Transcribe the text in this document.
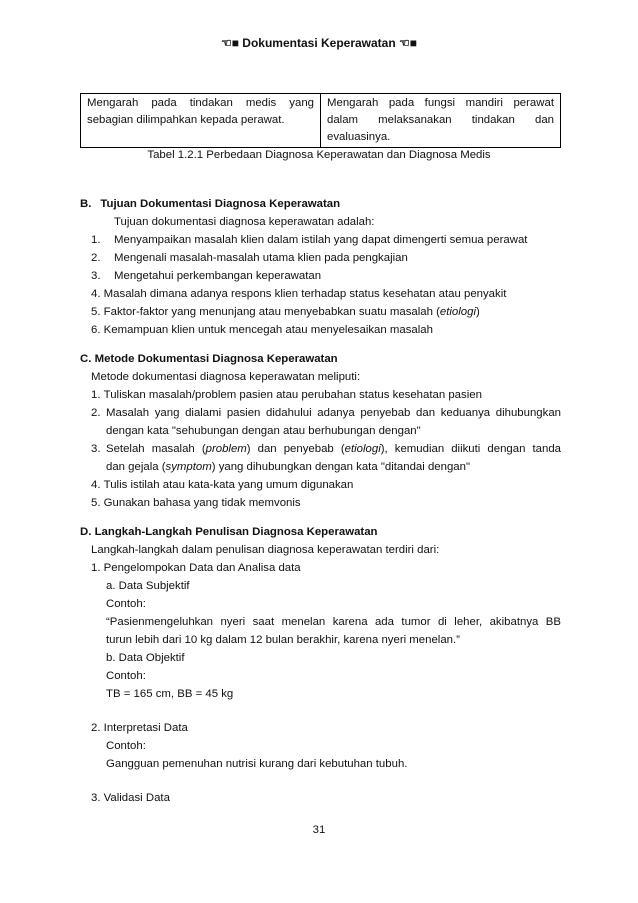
☜■ Dokumentasi Keperawatan ☜■
Mengarah pada tindakan medis yang sebagian dilimpahkan kepada perawat.	Mengarah pada fungsi mandiri perawat dalam melaksanakan tindakan dan evaluasinya.
Tabel 1.2.1 Perbedaan Diagnosa Keperawatan dan Diagnosa Medis
B. Tujuan Dokumentasi Diagnosa Keperawatan
Tujuan dokumentasi diagnosa keperawatan adalah:
1. Menyampaikan masalah klien dalam istilah yang dapat dimengerti semua perawat
2. Mengenali masalah-masalah utama klien pada pengkajian
3. Mengetahui perkembangan keperawatan
4. Masalah dimana adanya respons klien terhadap status kesehatan atau penyakit
5. Faktor-faktor yang menunjang atau menyebabkan suatu masalah (etiologi)
6. Kemampuan klien untuk mencegah atau menyelesaikan masalah
C. Metode Dokumentasi Diagnosa Keperawatan
Metode dokumentasi diagnosa keperawatan meliputi:
1. Tuliskan masalah/problem pasien atau perubahan status kesehatan pasien
2. Masalah yang dialami pasien didahului adanya penyebab dan keduanya dihubungkan
dengan kata "sehubungan dengan atau berhubungan dengan"
3. Setelah masalah (problem) dan penyebab (etiologi), kemudian diikuti dengan tanda
dan gejala (symptom) yang dihubungkan dengan kata "ditandai dengan"
4. Tulis istilah atau kata-kata yang umum digunakan
5. Gunakan bahasa yang tidak memvonis
D. Langkah-Langkah Penulisan Diagnosa Keperawatan
Langkah-langkah dalam penulisan diagnosa keperawatan terdiri dari:
1. Pengelompokan Data dan Analisa data
a. Data Subjektif
Contoh:
“Pasienmengeluhkan nyeri saat menelan karena ada tumor di leher, akibatnya BB
turun lebih dari 10 kg dalam 12 bulan berakhir, karena nyeri menelan.”
b. Data Objektif
Contoh:
TB = 165 cm, BB = 45 kg
2. Interpretasi Data
Contoh:
Gangguan pemenuhan nutrisi kurang dari kebutuhan tubuh.
3. Validasi Data
31
